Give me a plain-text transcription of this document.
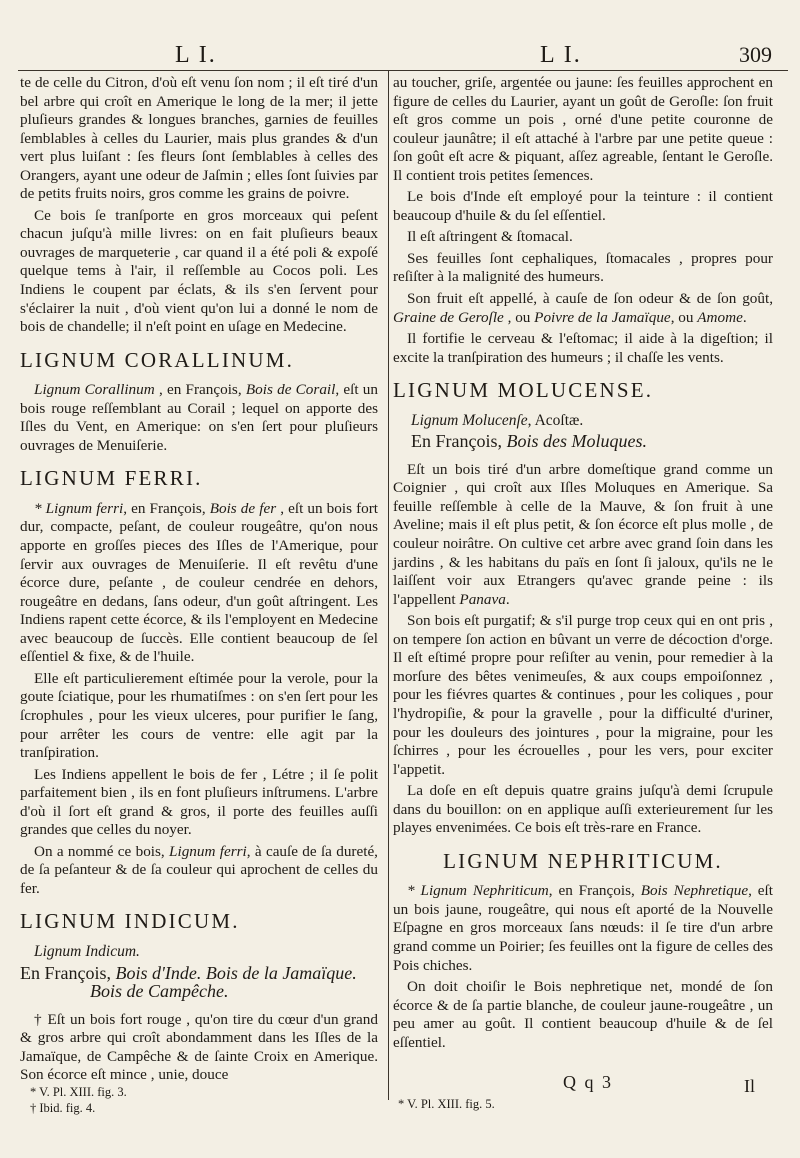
L I.	L I.	309

te de celle du Citron, d'où eſt venu ſon nom ; il eſt tiré d'un bel arbre qui croît en Amerique le long de la mer; il jette pluſieurs grandes & longues branches, garnies de feuilles ſemblables à celles du Laurier, mais plus grandes & d'un vert plus luiſant : ſes fleurs ſont ſemblables à celles des Orangers, ayant une odeur de Jaſmin ; elles ſont ſuivies par de petits fruits noirs, gros comme les grains de poivre.

Ce bois ſe tranſporte en gros morceaux qui peſent chacun juſqu'à mille livres: on en fait pluſieurs beaux ouvrages de marqueterie , car quand il a été poli & expoſé quelque tems à l'air, il reſſemble au Cocos poli. Les Indiens le coupent par éclats, & ils s'en ſervent pour s'éclairer la nuit , d'où vient qu'on lui a donné le nom de bois de chandelle; il n'eſt point en uſage en Medecine.

LIGNUM CORALLINUM.

Lignum Corallinum , en François, Bois de Corail, eſt un bois rouge reſſemblant au Corail ; lequel on apporte des Iſles du Vent, en Amerique: on s'en ſert pour pluſieurs ouvrages de Menuiſerie.

LIGNUM FERRI.

* Lignum ferri, en François, Bois de fer , eſt un bois fort dur, compacte, peſant, de couleur rougeâtre, qu'on nous apporte en groſſes pieces des Iſles de l'Amerique, pour ſervir aux ouvrages de Menuiſerie. Il eſt revêtu d'une écorce dure, peſante , de couleur cendrée en dehors, rougeâtre en dedans, ſans odeur, d'un goût aſtringent. Les Indiens rapent cette écorce, & ils l'employent en Medecine avec beaucoup de ſuccès. Elle contient beaucoup de ſel eſſentiel & fixe, & de l'huile.

Elle eſt particulierement eſtimée pour la verole, pour la goute ſciatique, pour les rhumatiſmes : on s'en ſert pour les ſcrophules , pour les vieux ulceres, pour purifier le ſang, pour arrêter les cours de ventre: elle agit par la tranſpiration.

Les Indiens appellent le bois de fer , Létre ; il ſe polit parfaitement bien , ils en font pluſieurs inſtrumens. L'arbre d'où il ſort eſt grand & gros, il porte des feuilles auſſi grandes que celles du noyer.

On a nommé ce bois, Lignum ferri, à cauſe de ſa dureté, de ſa peſanteur & de ſa couleur qui aprochent de celles du fer.

LIGNUM INDICUM.
Lignum Indicum.
En François, Bois d'Inde. Bois de la Jamaïque.
Bois de Campêche.

† Eſt un bois fort rouge , qu'on tire du cœur d'un grand & gros arbre qui croît abondamment dans les Iſles de la Jamaïque, de Campêche & de ſainte Croix en Amerique. Son écorce eſt mince , unie, douce

* V. Pl. XIII. fig. 3.
† Ibid. fig. 4.

au toucher, griſe, argentée ou jaune: ſes feuilles approchent en figure de celles du Laurier, ayant un goût de Geroſle: ſon fruit eſt gros comme un pois , orné d'une petite couronne de couleur jaunâtre; il eſt attaché à l'arbre par une petite queue : ſon goût eſt acre & piquant, aſſez agreable, ſentant le Geroſle. Il contient trois petites ſemences.

Le bois d'Inde eſt employé pour la teinture : il contient beaucoup d'huile & du ſel eſſentiel.

Il eſt aſtringent & ſtomacal.

Ses feuilles ſont cephaliques, ſtomacales , propres pour reſiſter à la malignité des humeurs.

Son fruit eſt appellé, à cauſe de ſon odeur & de ſon goût, Graine de Geroſle , ou Poivre de la Jamaïque, ou Amome.

Il fortifie le cerveau & l'eſtomac; il aide à la digeſtion; il excite la tranſpiration des humeurs ; il chaſſe les vents.

LIGNUM MOLUCENSE.
Lignum Molucenſe, Acoſtæ.
En François, Bois des Moluques.

Eſt un bois tiré d'un arbre domeſtique grand comme un Coignier , qui croît aux Iſles Moluques en Amerique. Sa feuille reſſemble à celle de la Mauve, & ſon fruit à une Aveline; mais il eſt plus petit, & ſon écorce eſt plus molle , de couleur noirâtre. On cultive cet arbre avec grand ſoin dans les jardins , & les habitans du païs en ſont ſi jaloux, qu'ils ne le laiſſent voir aux Etrangers qu'avec grande peine : ils l'appellent Panava.

Son bois eſt purgatif; & s'il purge trop ceux qui en ont pris , on tempere ſon action en bûvant un verre de décoction d'orge. Il eſt eſtimé propre pour reſiſter au venin, pour remedier à la morſure des bêtes venimeuſes, & aux coups empoiſonnez , pour les fiévres quartes & continues , pour les coliques , pour l'hydropiſie, & pour la gravelle , pour la difficulté d'uriner, pour les douleurs des jointures , pour la migraine, pour les ſchirres , pour les écrouelles , pour les vers, pour exciter l'appetit.

La doſe en eſt depuis quatre grains juſqu'à demi ſcrupule dans du bouillon: on en applique auſſi exterieurement ſur les playes envenimées. Ce bois eſt très-rare en France.

LIGNUM NEPHRITICUM.

* Lignum Nephriticum, en François, Bois Nephretique, eſt un bois jaune, rougeâtre, qui nous eſt aporté de la Nouvelle Eſpagne en gros morceaux ſans nœuds: il ſe tire d'un arbre grand comme un Poirier; ſes feuilles ont la figure de celles des Pois chiches.

On doit choiſir le Bois nephretique net, mondé de ſon écorce & de ſa partie blanche, de couleur jaune-rougeâtre , un peu amer au goût. Il contient beaucoup d'huile & de ſel eſſentiel.

Q q 3	Il
* V. Pl. XIII. fig. 5.
